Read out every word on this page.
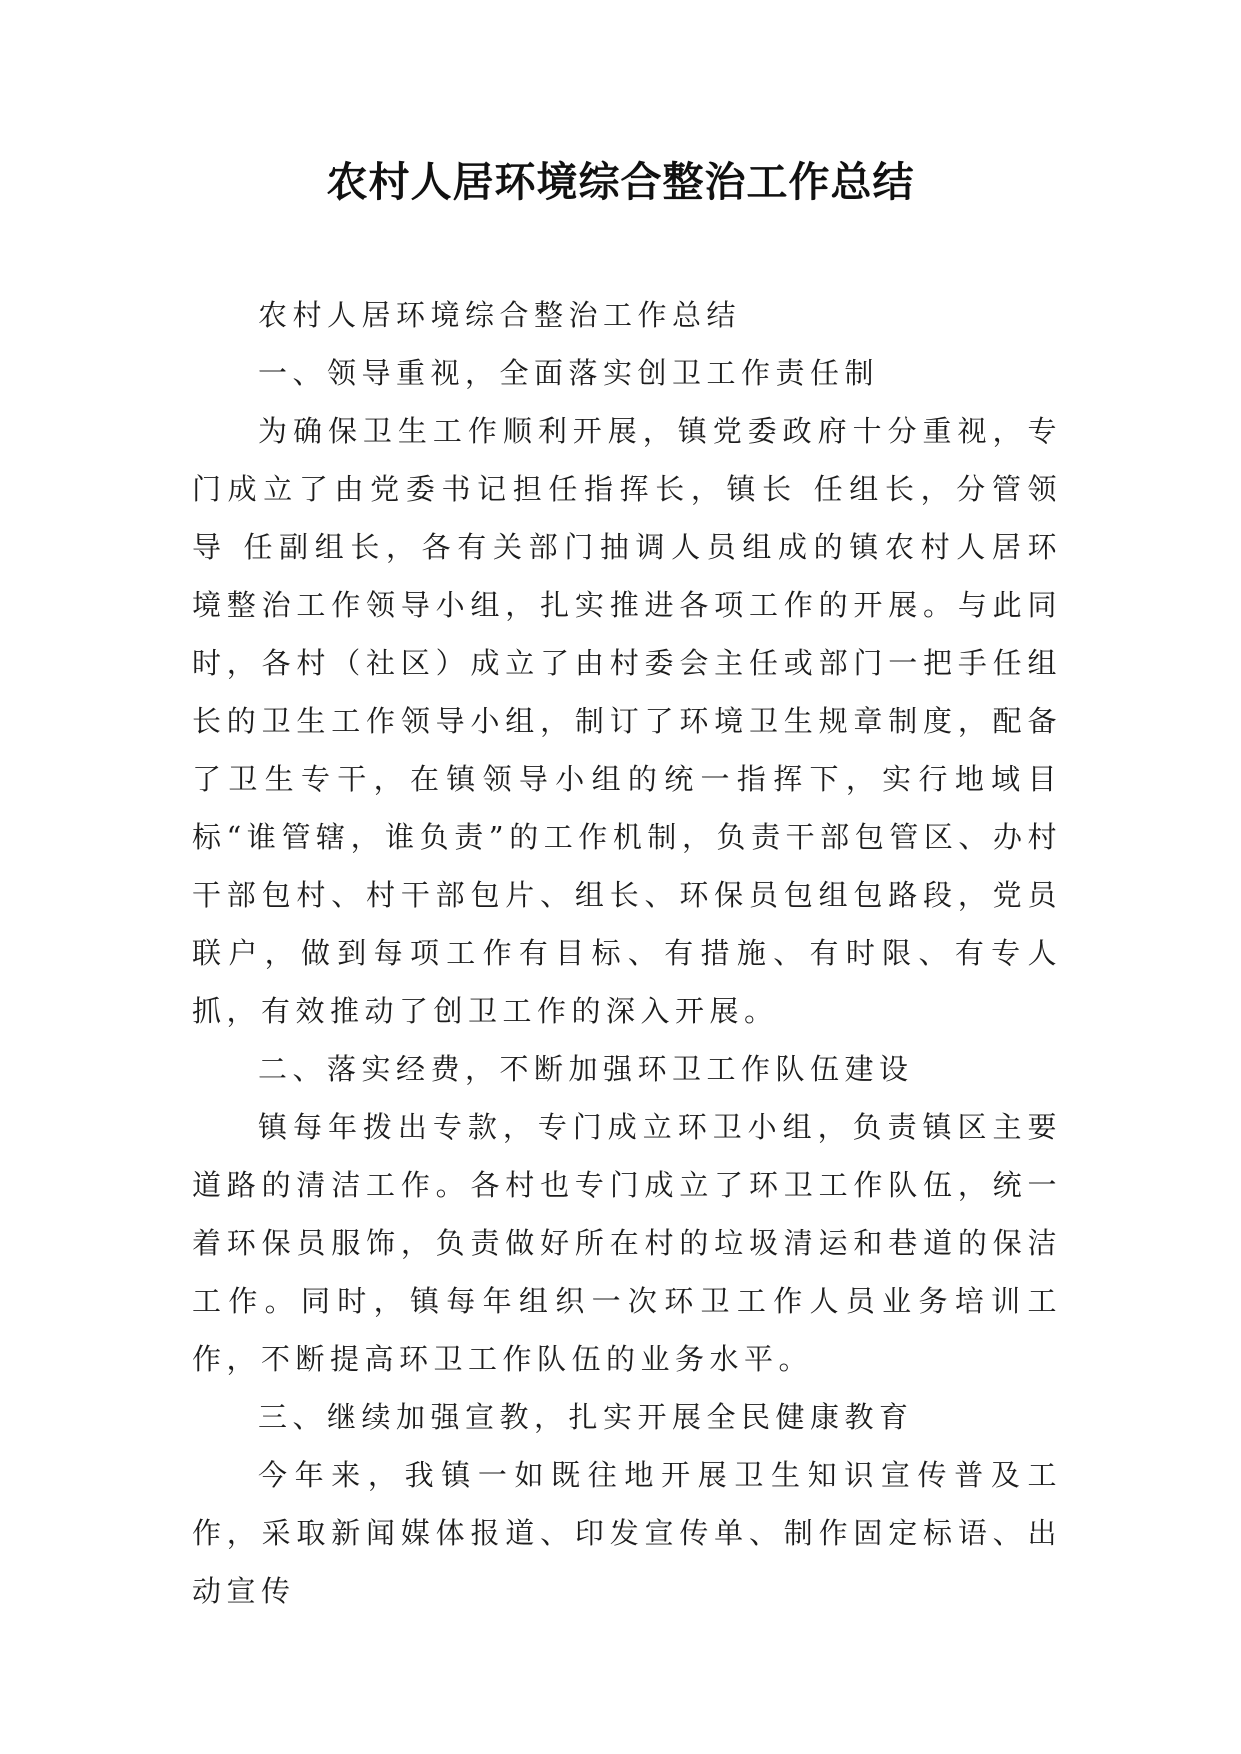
农村人居环境综合整治工作总结

农村人居环境综合整治工作总结

一、领导重视，全面落实创卫工作责任制

为确保卫生工作顺利开展，镇党委政府十分重视，专门成立了由党委书记担任指挥长，镇长 任组长，分管领导 任副组长，各有关部门抽调人员组成的镇农村人居环境整治工作领导小组，扎实推进各项工作的开展。与此同时，各村（社区）成立了由村委会主任或部门一把手任组长的卫生工作领导小组，制订了环境卫生规章制度，配备了卫生专干，在镇领导小组的统一指挥下，实行地域目标“谁管辖，谁负责”的工作机制，负责干部包管区、办村干部包村、村干部包片、组长、环保员包组包路段，党员联户，做到每项工作有目标、有措施、有时限、有专人抓，有效推动了创卫工作的深入开展。

二、落实经费，不断加强环卫工作队伍建设

镇每年拨出专款，专门成立环卫小组，负责镇区主要道路的清洁工作。各村也专门成立了环卫工作队伍，统一着环保员服饰，负责做好所在村的垃圾清运和巷道的保洁工作。同时，镇每年组织一次环卫工作人员业务培训工作，不断提高环卫工作队伍的业务水平。

三、继续加强宣教，扎实开展全民健康教育

今年来，我镇一如既往地开展卫生知识宣传普及工作，采取新闻媒体报道、印发宣传单、制作固定标语、出动宣传
